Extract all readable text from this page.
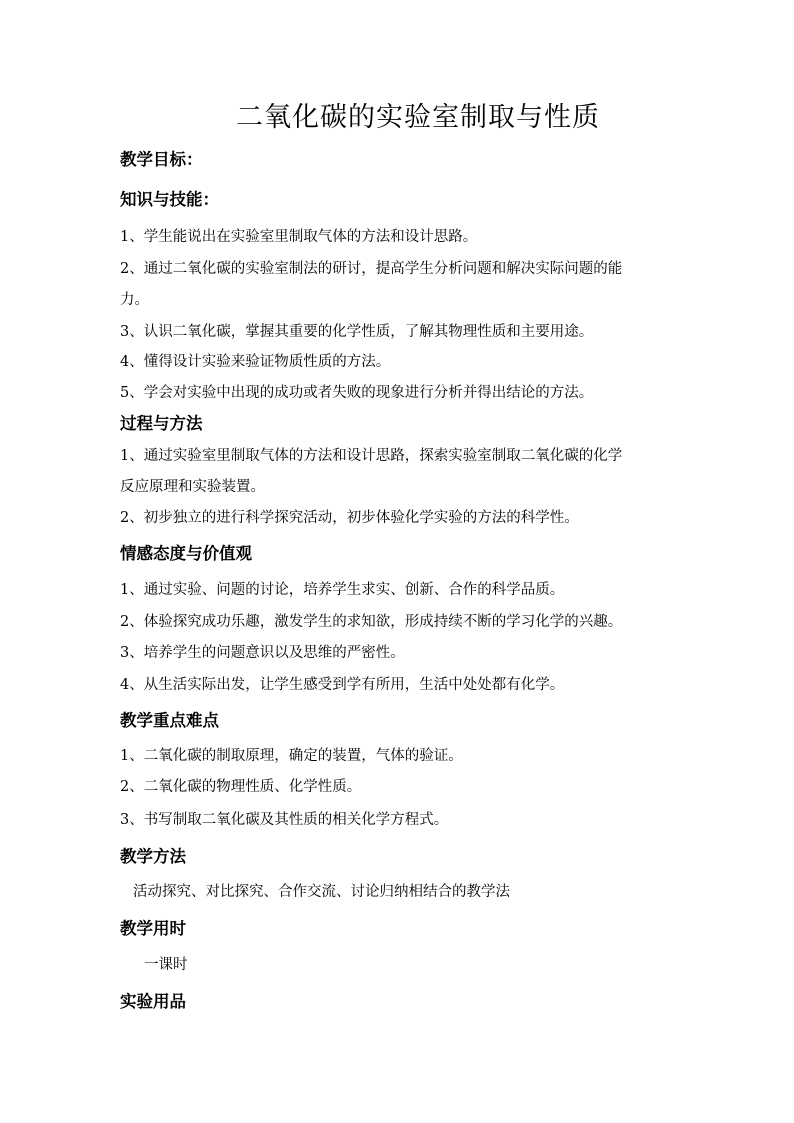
二氧化碳的实验室制取与性质
教学目标：
知识与技能：
1、学生能说出在实验室里制取气体的方法和设计思路。
2、通过二氧化碳的实验室制法的研讨，提高学生分析问题和解决实际问题的能
力。
3、认识二氧化碳，掌握其重要的化学性质，了解其物理性质和主要用途。
4、懂得设计实验来验证物质性质的方法。
5、学会对实验中出现的成功或者失败的现象进行分析并得出结论的方法。
过程与方法
1、通过实验室里制取气体的方法和设计思路，探索实验室制取二氧化碳的化学
反应原理和实验装置。
2、初步独立的进行科学探究活动，初步体验化学实验的方法的科学性。
情感态度与价值观
1、通过实验、问题的讨论，培养学生求实、创新、合作的科学品质。
2、体验探究成功乐趣，激发学生的求知欲，形成持续不断的学习化学的兴趣。
3、培养学生的问题意识以及思维的严密性。
4、从生活实际出发，让学生感受到学有所用，生活中处处都有化学。
教学重点难点
1、二氧化碳的制取原理，确定的装置，气体的验证。
2、二氧化碳的物理性质、化学性质。
3、书写制取二氧化碳及其性质的相关化学方程式。
教学方法
活动探究、对比探究、合作交流、讨论归纳相结合的教学法
教学用时
一课时
实验用品
